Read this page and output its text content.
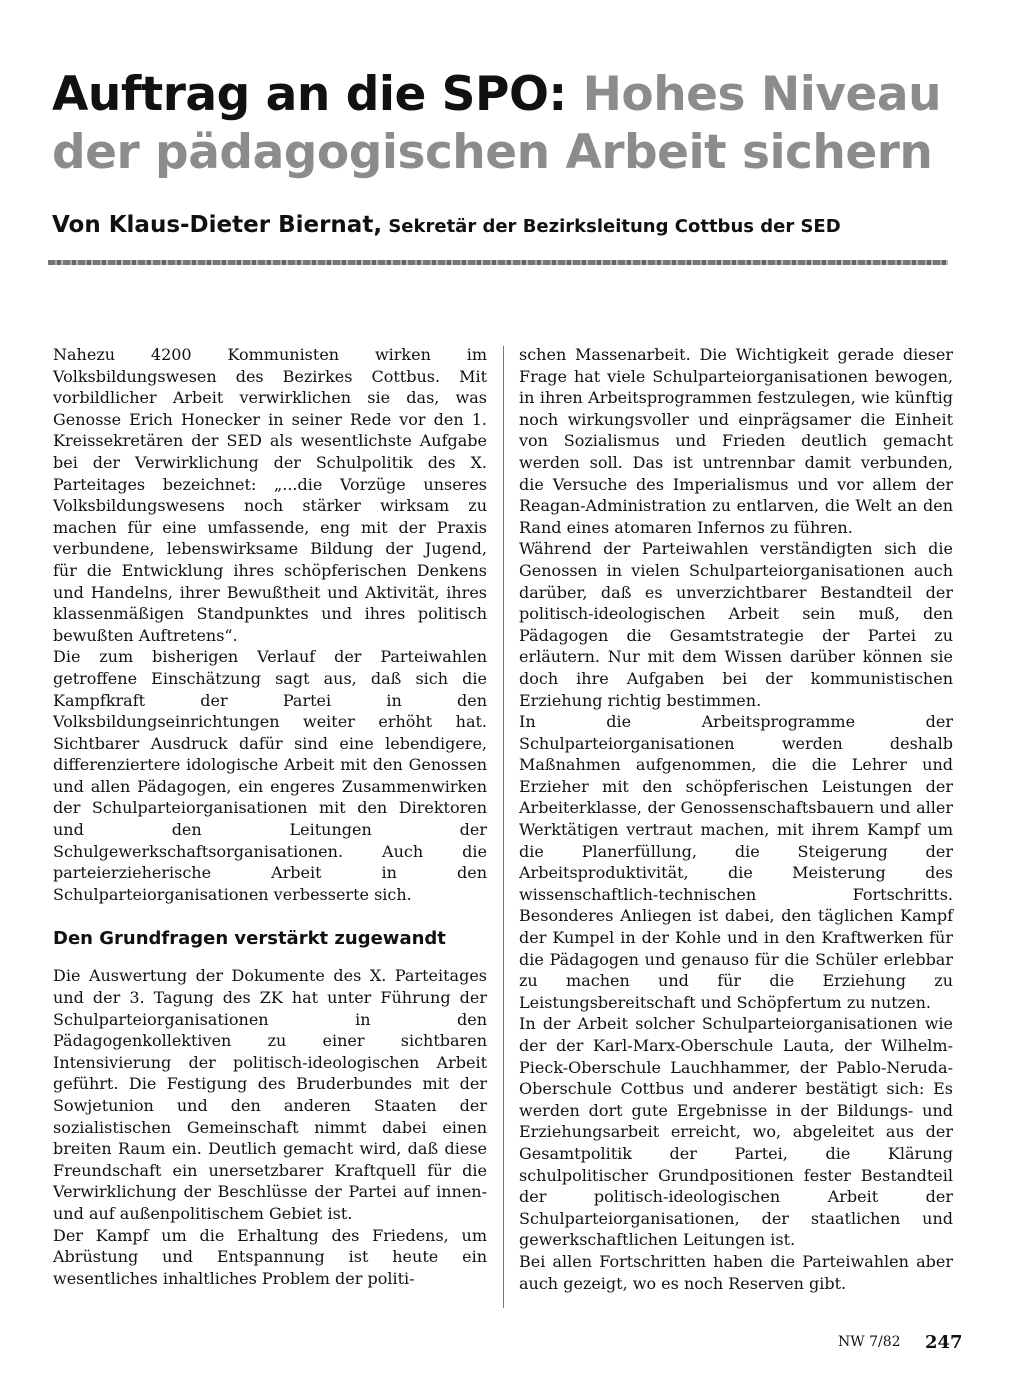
Auftrag an die SPO: Hohes Niveau der pädagogischen Arbeit sichern
Von Klaus-Dieter Biernat, Sekretär der Bezirksleitung Cottbus der SED

Nahezu 4200 Kommunisten wirken im Volksbildungswesen des Bezirkes Cottbus. Mit vorbildlicher Arbeit verwirklichen sie das, was Genosse Erich Honecker in seiner Rede vor den 1. Kreissekretären der SED als wesentlichste Aufgabe bei der Verwirklichung der Schulpolitik des X. Parteitages bezeichnet: „...die Vorzüge unseres Volksbildungswesens noch stärker wirksam zu machen für eine umfassende, eng mit der Praxis verbundene, lebenswirksame Bildung der Jugend, für die Entwicklung ihres schöpferischen Denkens und Handelns, ihrer Bewußtheit und Aktivität, ihres klassenmäßigen Standpunktes und ihres politisch bewußten Auftretens“.

Die zum bisherigen Verlauf der Parteiwahlen getroffene Einschätzung sagt aus, daß sich die Kampfkraft der Partei in den Volksbildungseinrichtungen weiter erhöht hat. Sichtbarer Ausdruck dafür sind eine lebendigere, differenziertere idologische Arbeit mit den Genossen und allen Pädagogen, ein engeres Zusammenwirken der Schulparteiorganisationen mit den Direktoren und den Leitungen der Schulgewerkschaftsorganisationen. Auch die parteierzieherische Arbeit in den Schulparteiorganisationen verbesserte sich.

Den Grundfragen verstärkt zugewandt

Die Auswertung der Dokumente des X. Parteitages und der 3. Tagung des ZK hat unter Führung der Schulparteiorganisationen in den Pädagogenkollektiven zu einer sichtbaren Intensivierung der politisch-ideologischen Arbeit geführt. Die Festigung des Bruderbundes mit der Sowjetunion und den anderen Staaten der sozialistischen Gemeinschaft nimmt dabei einen breiten Raum ein. Deutlich gemacht wird, daß diese Freundschaft ein unersetzbarer Kraftquell für die Verwirklichung der Beschlüsse der Partei auf innen- und auf außenpolitischem Gebiet ist.

Der Kampf um die Erhaltung des Friedens, um Abrüstung und Entspannung ist heute ein wesentliches inhaltliches Problem der politi-

schen Massenarbeit. Die Wichtigkeit gerade dieser Frage hat viele Schulparteiorganisationen bewogen, in ihren Arbeitsprogrammen festzulegen, wie künftig noch wirkungsvoller und einprägsamer die Einheit von Sozialismus und Frieden deutlich gemacht werden soll. Das ist untrennbar damit verbunden, die Versuche des Imperialismus und vor allem der Reagan-Administration zu entlarven, die Welt an den Rand eines atomaren Infernos zu führen.

Während der Parteiwahlen verständigten sich die Genossen in vielen Schulparteiorganisationen auch darüber, daß es unverzichtbarer Bestandteil der politisch-ideologischen Arbeit sein muß, den Pädagogen die Gesamtstrategie der Partei zu erläutern. Nur mit dem Wissen darüber können sie doch ihre Aufgaben bei der kommunistischen Erziehung richtig bestimmen.

In die Arbeitsprogramme der Schulparteiorganisationen werden deshalb Maßnahmen aufgenommen, die die Lehrer und Erzieher mit den schöpferischen Leistungen der Arbeiterklasse, der Genossenschaftsbauern und aller Werktätigen vertraut machen, mit ihrem Kampf um die Planerfüllung, die Steigerung der Arbeitsproduktivität, die Meisterung des wissenschaftlich-technischen Fortschritts. Besonderes Anliegen ist dabei, den täglichen Kampf der Kumpel in der Kohle und in den Kraftwerken für die Pädagogen und genauso für die Schüler erlebbar zu machen und für die Erziehung zu Leistungsbereitschaft und Schöpfertum zu nutzen.

In der Arbeit solcher Schulparteiorganisationen wie der der Karl-Marx-Oberschule Lauta, der Wilhelm-Pieck-Oberschule Lauchhammer, der Pablo-Neruda-Oberschule Cottbus und anderer bestätigt sich: Es werden dort gute Ergebnisse in der Bildungs- und Erziehungsarbeit erreicht, wo, abgeleitet aus der Gesamtpolitik der Partei, die Klärung schulpolitischer Grundpositionen fester Bestandteil der politisch-ideologischen Arbeit der Schulparteiorganisationen, der staatlichen und gewerkschaftlichen Leitungen ist.

Bei allen Fortschritten haben die Parteiwahlen aber auch gezeigt, wo es noch Reserven gibt.

NW 7/82 247
